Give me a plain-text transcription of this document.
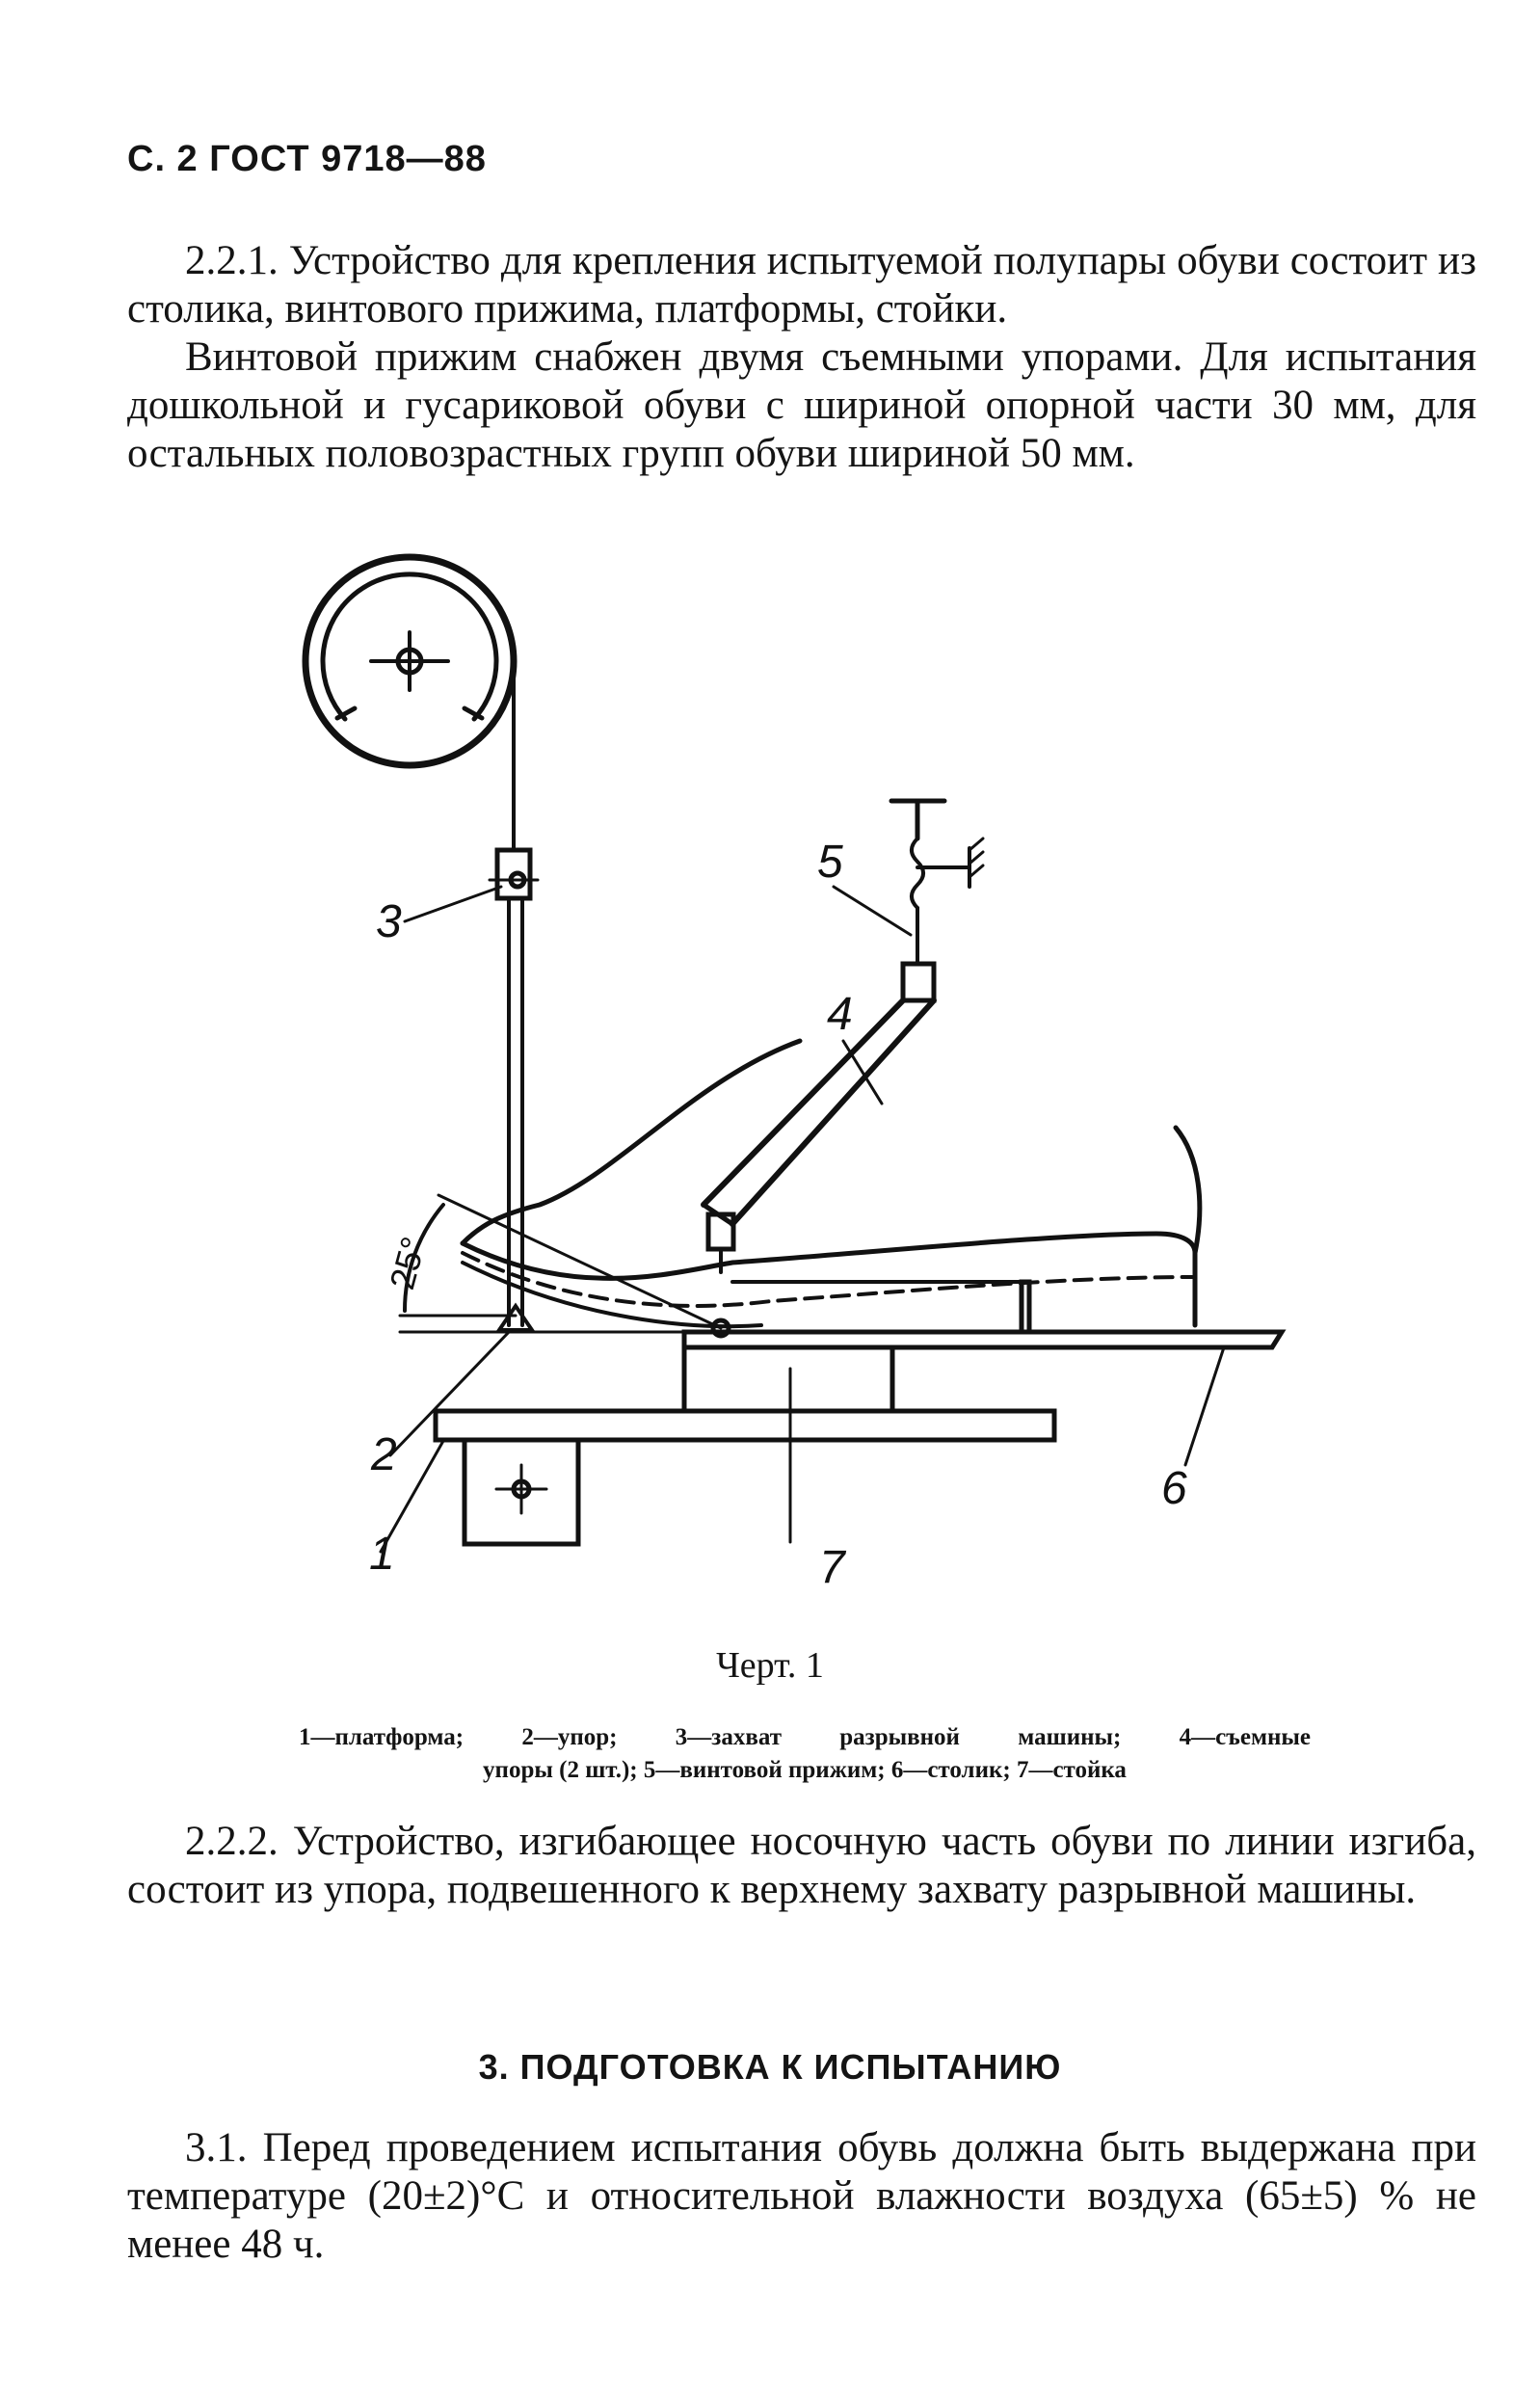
С. 2 ГОСТ 9718—88

2.2.1. Устройство для крепления испытуемой полупары обуви состоит из столика, винтового прижима, платформы, стойки.

Винтовой прижим снабжен двумя съемными упорами. Для испытания дошкольной и гусариковой обуви с шириной опорной части 30 мм, для остальных половозрастных групп обуви шириной 50 мм.

3
2
1	7
6
5
4
25°
Черт. 1
1—платформа; 2—упор; 3—захват разрывной машины; 4—съемные
упоры (2 шт.); 5—винтовой прижим; 6—столик; 7—стойка

2.2.2. Устройство, изгибающее носочную часть обуви по линии изгиба, состоит из упора, подвешенного к верхнему захвату разрывной машины.

3. ПОДГОТОВКА К ИСПЫТАНИЮ

3.1. Перед проведением испытания обувь должна быть выдержана при температуре (20±2)°С и относительной влажности воздуха (65±5) % не менее 48 ч.
